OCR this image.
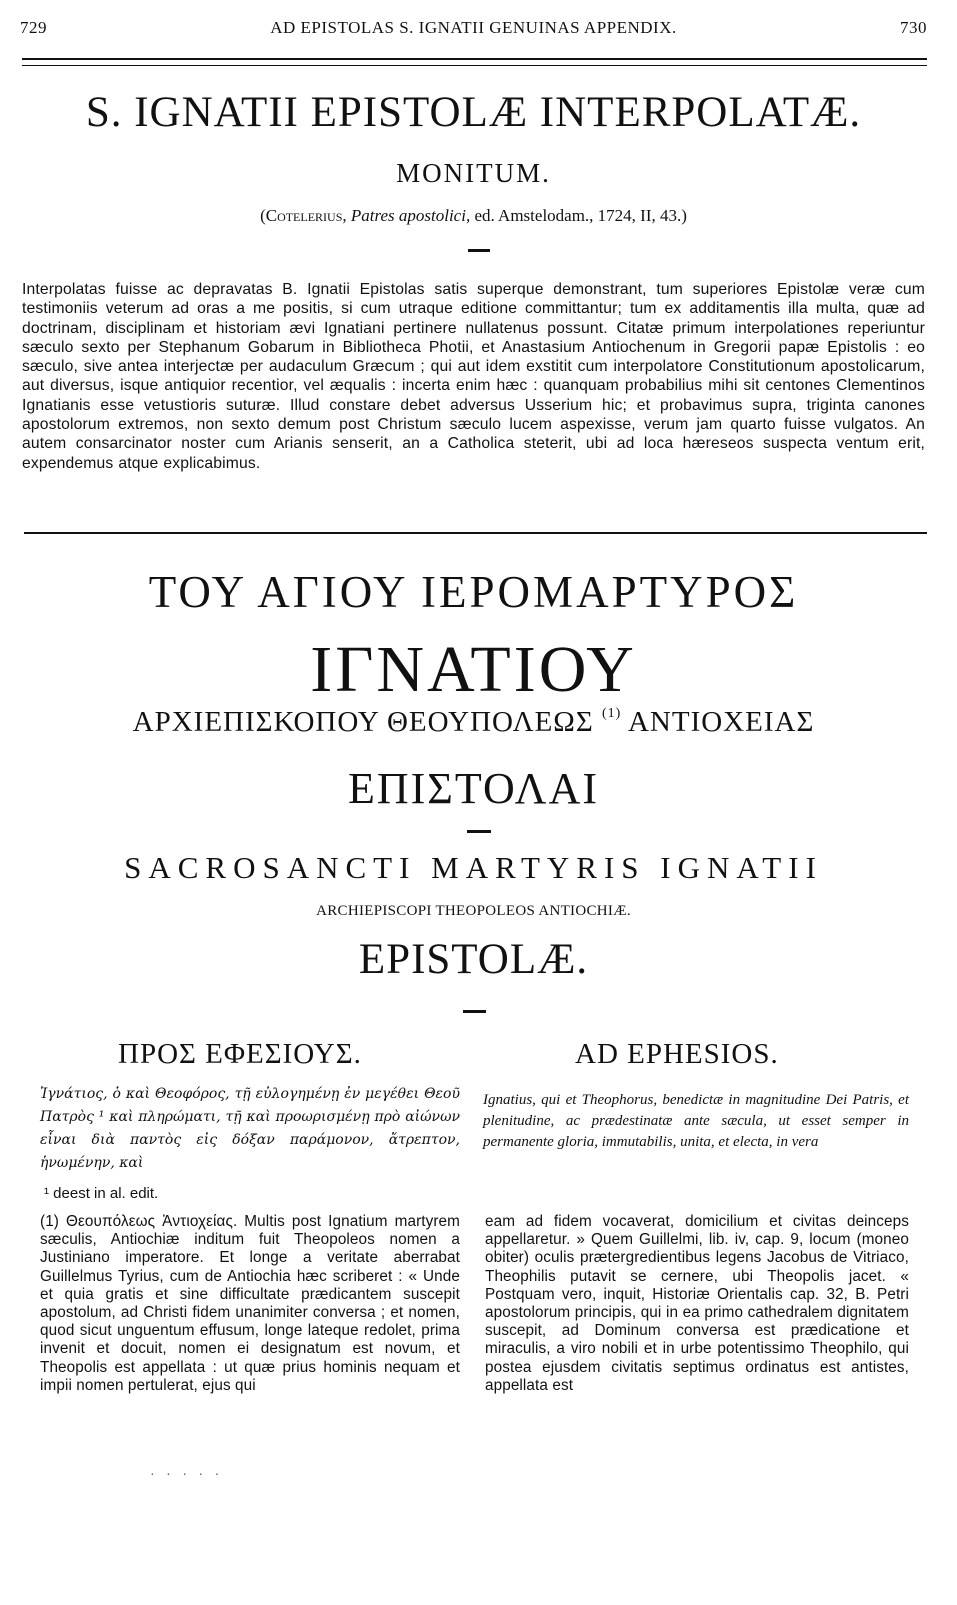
729	AD EPISTOLAS S. IGNATII GENUINAS APPENDIX.	730
S. IGNATII EPISTOLÆ INTERPOLATÆ.
MONITUM.
(Cotelerius, Patres apostolici, ed. Amstelodam., 1724, II, 43.)
Interpolatas fuisse ac depravatas B. Ignatii Epistolas satis superque demonstrant, tum superiores Epistolæ veræ cum testimoniis veterum ad oras a me positis, si cum utraque editione committantur; tum ex additamentis illa multa, quæ ad doctrinam, disciplinam et historiam ævi Ignatiani pertinere nullatenus possunt. Citatæ primum interpolationes reperiuntur sæculo sexto per Stephanum Gobarum in Bibliotheca Photii, et Anastasium Antiochenum in Gregorii papæ Epistolis : eo sæculo, sive antea interjectæ per audaculum Græcum ; qui aut idem exstitit cum interpolatore Constitutionum apostolicarum, aut diversus, isque antiquior recentior, vel æqualis : incerta enim hæc : quanquam probabilius mihi sit centones Clementinos Ignatianis esse vetustioris suturæ. Illud constare debet adversus Usserium hic; et probavimus supra, triginta canones apostolorum extremos, non sexto demum post Christum sæculo lucem aspexisse, verum jam quarto fuisse vulgatos. An autem consarcinator noster cum Arianis senserit, an a Catholica steterit, ubi ad loca hæreseos suspecta ventum erit, expendemus atque explicabimus.
ΤΟΥ ΑΓΙΟΥ ΙΕΡΟΜΑΡΤΥΡΟΣ
ΙΓΝΑΤΙΟΥ
ΑΡΧΙΕΠΙΣΚΟΠΟΥ ΘΕΟΥΠΟΛΕΩΣ $^{(1)}$ ΑΝΤΙΟΧΕΙΑΣ
ΕΠΙΣΤΟΛΑΙ
SACROSANCTI MARTYRIS IGNATII
ARCHIEPISCOPI THEOPOLEOS ANTIOCHIÆ.
EPISTOLÆ.
ΠΡΟΣ ΕΦΕΣΙΟΥΣ.	AD EPHESIOS.
Ἰγνάτιος, ὁ καὶ Θεοφόρος, τῇ εὐλογημένῃ ἐν μεγέθει Θεοῦ Πατρὸς ¹ καὶ πληρώματι, τῇ καὶ προωρισμένῃ πρὸ αἰώνων εἶναι διὰ παντὸς εἰς δόξαν παράμονον, ἄτρεπτον, ἡνωμένην, καὶ
Ignatius, qui et Theophorus, benedictæ in magnitudine Dei Patris, et plenitudine, ac prædestinatæ ante sæcula, ut esset semper in permanente gloria, immutabilis, unita, et electa, in vera
¹ deest in al. edit.
(1) Θεουπόλεως Ἀντιοχείας. Multis post Ignatium martyrem sæculis, Antiochiæ inditum fuit Theopoleos nomen a Justiniano imperatore. Et longe a veritate aberrabat Guillelmus Tyrius, cum de Antiochia hæc scriberet : « Unde et quia gratis et sine difficultate prædicantem suscepit apostolum, ad Christi fidem unanimiter conversa ; et nomen, quod sicut unguentum effusum, longe lateque redolet, prima invenit et docuit, nomen ei designatum est novum, et Theopolis est appellata : ut quæ prius hominis nequam et impii nomen pertulerat, ejus qui
eam ad fidem vocaverat, domicilium et civitas deinceps appellaretur. » Quem Guillelmi, lib. iv, cap. 9, locum (moneo obiter) oculis prætergredientibus legens Jacobus de Vitriaco, Theophilis putavit se cernere, ubi Theopolis jacet. « Postquam vero, inquit, Historiæ Orientalis cap. 32, B. Petri apostolorum principis, qui in ea primo cathedralem dignitatem suscepit, ad Dominum conversa est prædicatione et miraculis, a viro nobili et in urbe potentissimo Theophilo, qui postea ejusdem civitatis septimus ordinatus est antistes, appellata est
· · · · ·
